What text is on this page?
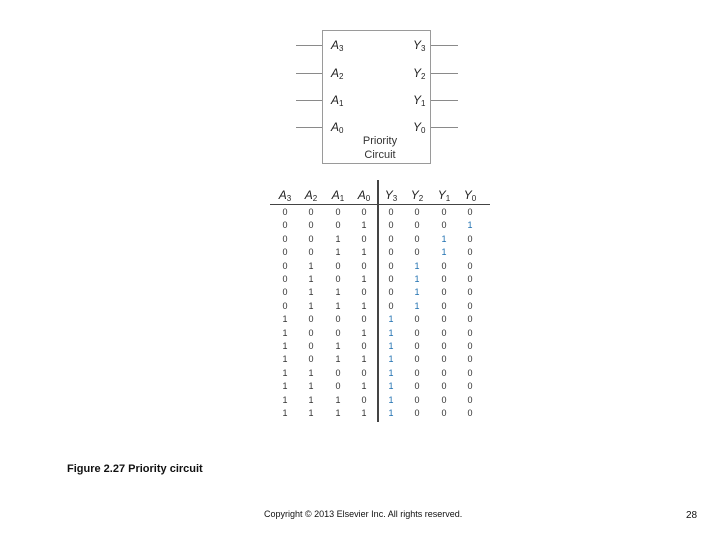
$A_3$
$A_2$
$A_1$
$A_0$
$Y_3$
$Y_2$
$Y_1$
$Y_0$
Priority
Circuit
$A_3$	$A_2$	$A_1$	$A_0$	$Y_3$	$Y_2$	$Y_1$	$Y_0$
0	0	0	0	0	0	0	0
0	0	0	1	0	0	0	1
0	0	1	0	0	0	1	0
0	0	1	1	0	0	1	0
0	1	0	0	0	1	0	0
0	1	0	1	0	1	0	0
0	1	1	0	0	1	0	0
0	1	1	1	0	1	0	0
1	0	0	0	1	0	0	0
1	0	0	1	1	0	0	0
1	0	1	0	1	0	0	0
1	0	1	1	1	0	0	0
1	1	0	0	1	0	0	0
1	1	0	1	1	0	0	0
1	1	1	0	1	0	0	0
1	1	1	1	1	0	0	0
Figure 2.27 Priority circuit
Copyright © 2013 Elsevier Inc. All rights reserved.	28
